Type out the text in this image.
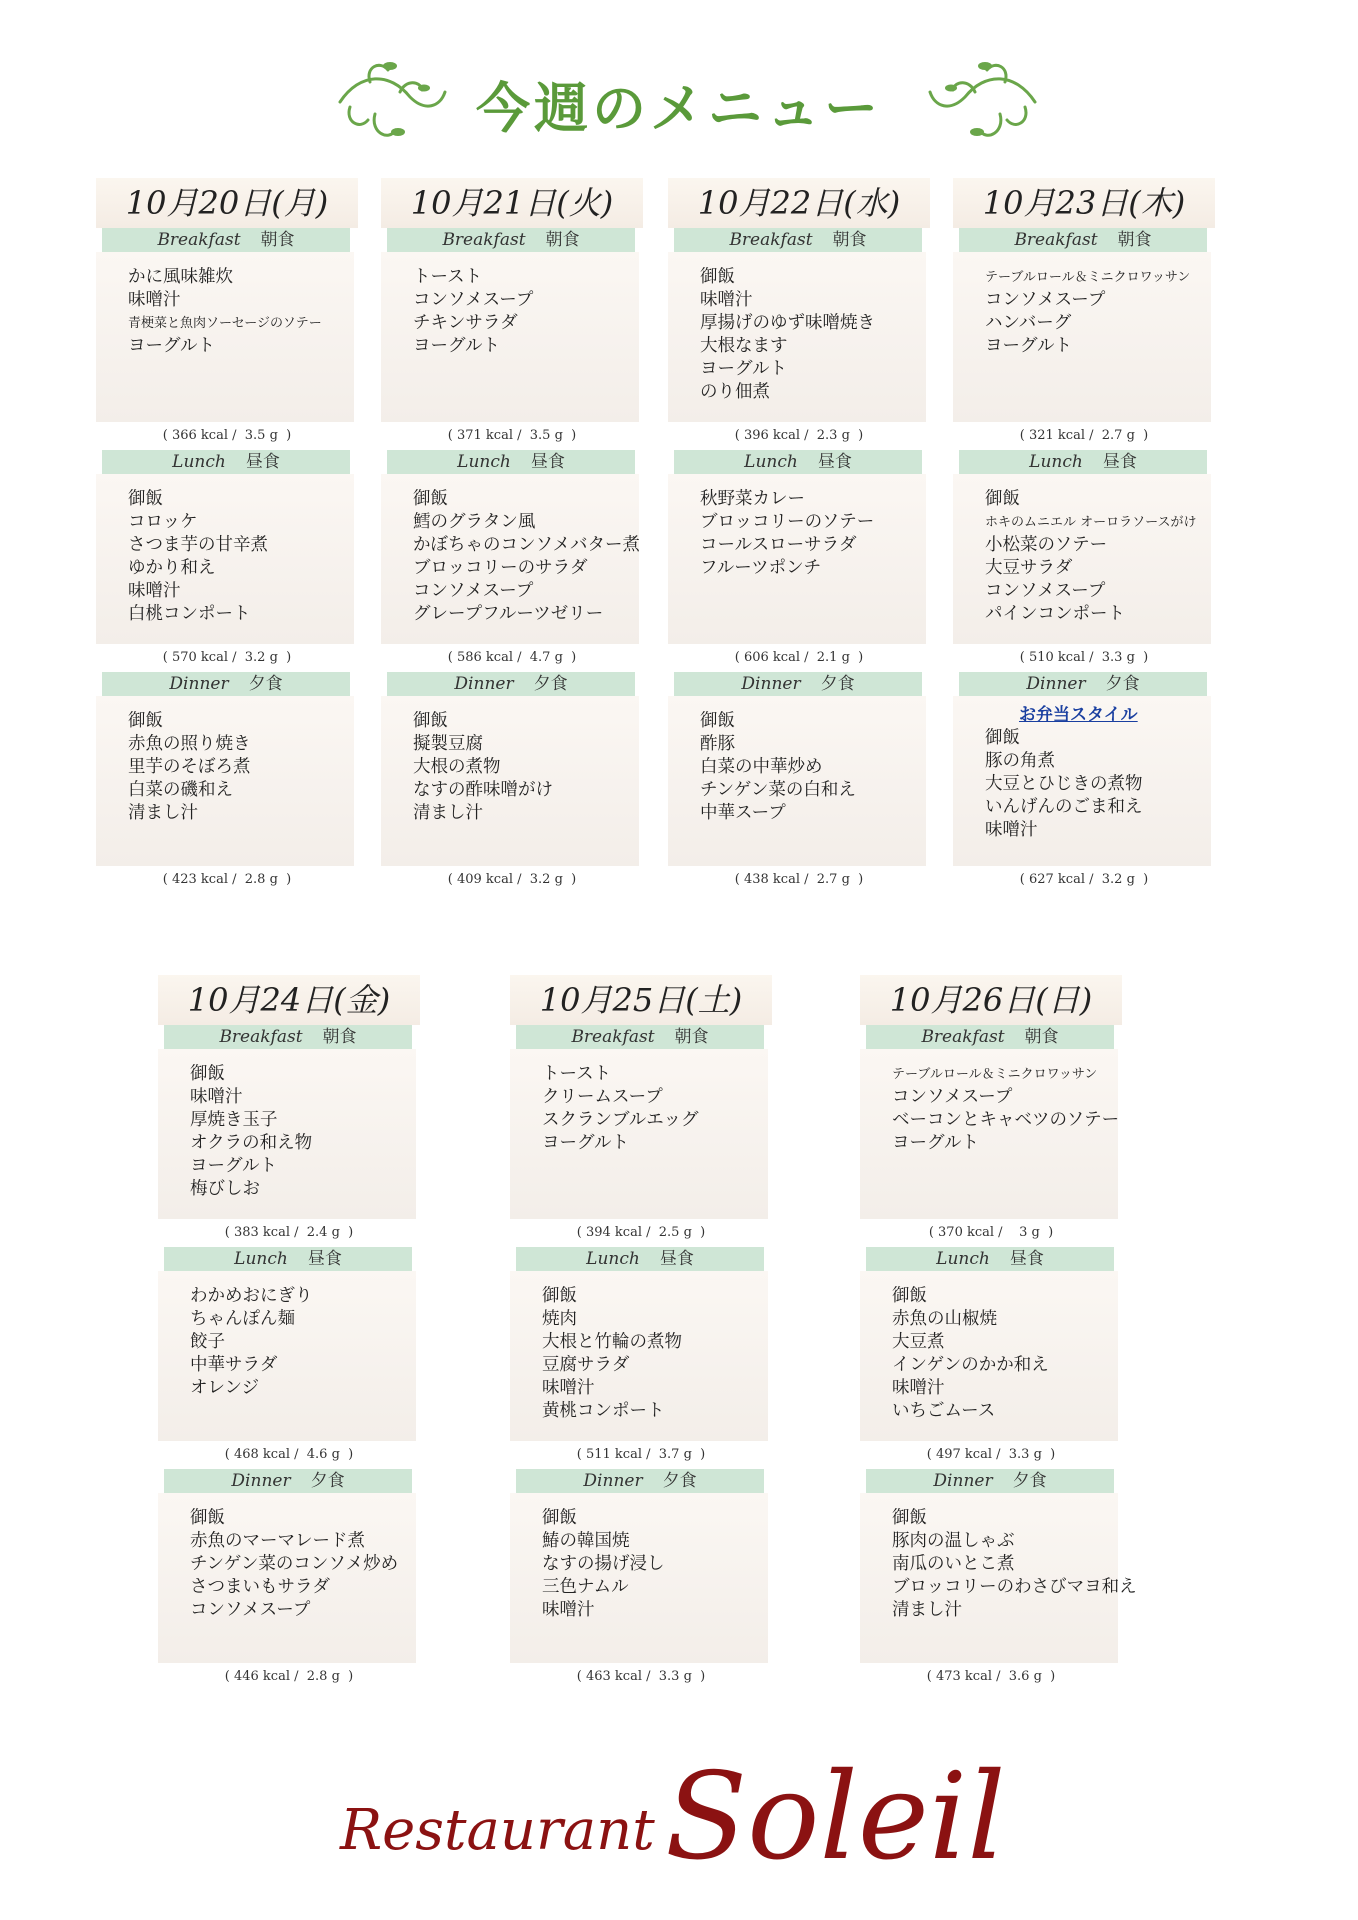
今週のメニュー
10月20日(月)
Breakfast 朝食
かに風味雑炊
味噌汁
青梗菜と魚肉ソーセージのソテー
ヨーグルト
( 366 kcal /  3.5 g  )
Lunch 昼食
御飯
コロッケ
さつま芋の甘辛煮
ゆかり和え
味噌汁
白桃コンポート
( 570 kcal /  3.2 g  )
Dinner 夕食
御飯
赤魚の照り焼き
里芋のそぼろ煮
白菜の磯和え
清まし汁
( 423 kcal /  2.8 g  )
10月21日(火)
Breakfast 朝食
トースト
コンソメスープ
チキンサラダ
ヨーグルト
( 371 kcal /  3.5 g  )
Lunch 昼食
御飯
鱈のグラタン風
かぼちゃのコンソメバター煮
ブロッコリーのサラダ
コンソメスープ
グレープフルーツゼリー
( 586 kcal /  4.7 g  )
Dinner 夕食
御飯
擬製豆腐
大根の煮物
なすの酢味噌がけ
清まし汁
( 409 kcal /  3.2 g  )
10月22日(水)
Breakfast 朝食
御飯
味噌汁
厚揚げのゆず味噌焼き
大根なます
ヨーグルト
のり佃煮
( 396 kcal /  2.3 g  )
Lunch 昼食
秋野菜カレー
ブロッコリーのソテー
コールスローサラダ
フルーツポンチ
( 606 kcal /  2.1 g  )
Dinner 夕食
御飯
酢豚
白菜の中華炒め
チンゲン菜の白和え
中華スープ
( 438 kcal /  2.7 g  )
10月23日(木)
Breakfast 朝食
テーブルロール＆ミニクロワッサン
コンソメスープ
ハンバーグ
ヨーグルト
( 321 kcal /  2.7 g  )
Lunch 昼食
御飯
ホキのムニエル オーロラソースがけ
小松菜のソテー
大豆サラダ
コンソメスープ
パインコンポート
( 510 kcal /  3.3 g  )
Dinner 夕食
お弁当スタイル
御飯
豚の角煮
大豆とひじきの煮物
いんげんのごま和え
味噌汁
( 627 kcal /  3.2 g  )
10月24日(金)
Breakfast 朝食
御飯
味噌汁
厚焼き玉子
オクラの和え物
ヨーグルト
梅びしお
( 383 kcal /  2.4 g  )
Lunch 昼食
わかめおにぎり
ちゃんぽん麺
餃子
中華サラダ
オレンジ
( 468 kcal /  4.6 g  )
Dinner 夕食
御飯
赤魚のマーマレード煮
チンゲン菜のコンソメ炒め
さつまいもサラダ
コンソメスープ
( 446 kcal /  2.8 g  )
10月25日(土)
Breakfast 朝食
トースト
クリームスープ
スクランブルエッグ
ヨーグルト
( 394 kcal /  2.5 g  )
Lunch 昼食
御飯
焼肉
大根と竹輪の煮物
豆腐サラダ
味噌汁
黄桃コンポート
( 511 kcal /  3.7 g  )
Dinner 夕食
御飯
鰆の韓国焼
なすの揚げ浸し
三色ナムル
味噌汁
( 463 kcal /  3.3 g  )
10月26日(日)
Breakfast 朝食
テーブルロール＆ミニクロワッサン
コンソメスープ
ベーコンとキャベツのソテー
ヨーグルト
( 370 kcal /    3 g  )
Lunch 昼食
御飯
赤魚の山椒焼
大豆煮
インゲンのかか和え
味噌汁
いちごムース
( 497 kcal /  3.3 g  )
Dinner 夕食
御飯
豚肉の温しゃぶ
南瓜のいとこ煮
ブロッコリーのわさびマヨ和え
清まし汁
( 473 kcal /  3.6 g  )
Restaurant Soleil
